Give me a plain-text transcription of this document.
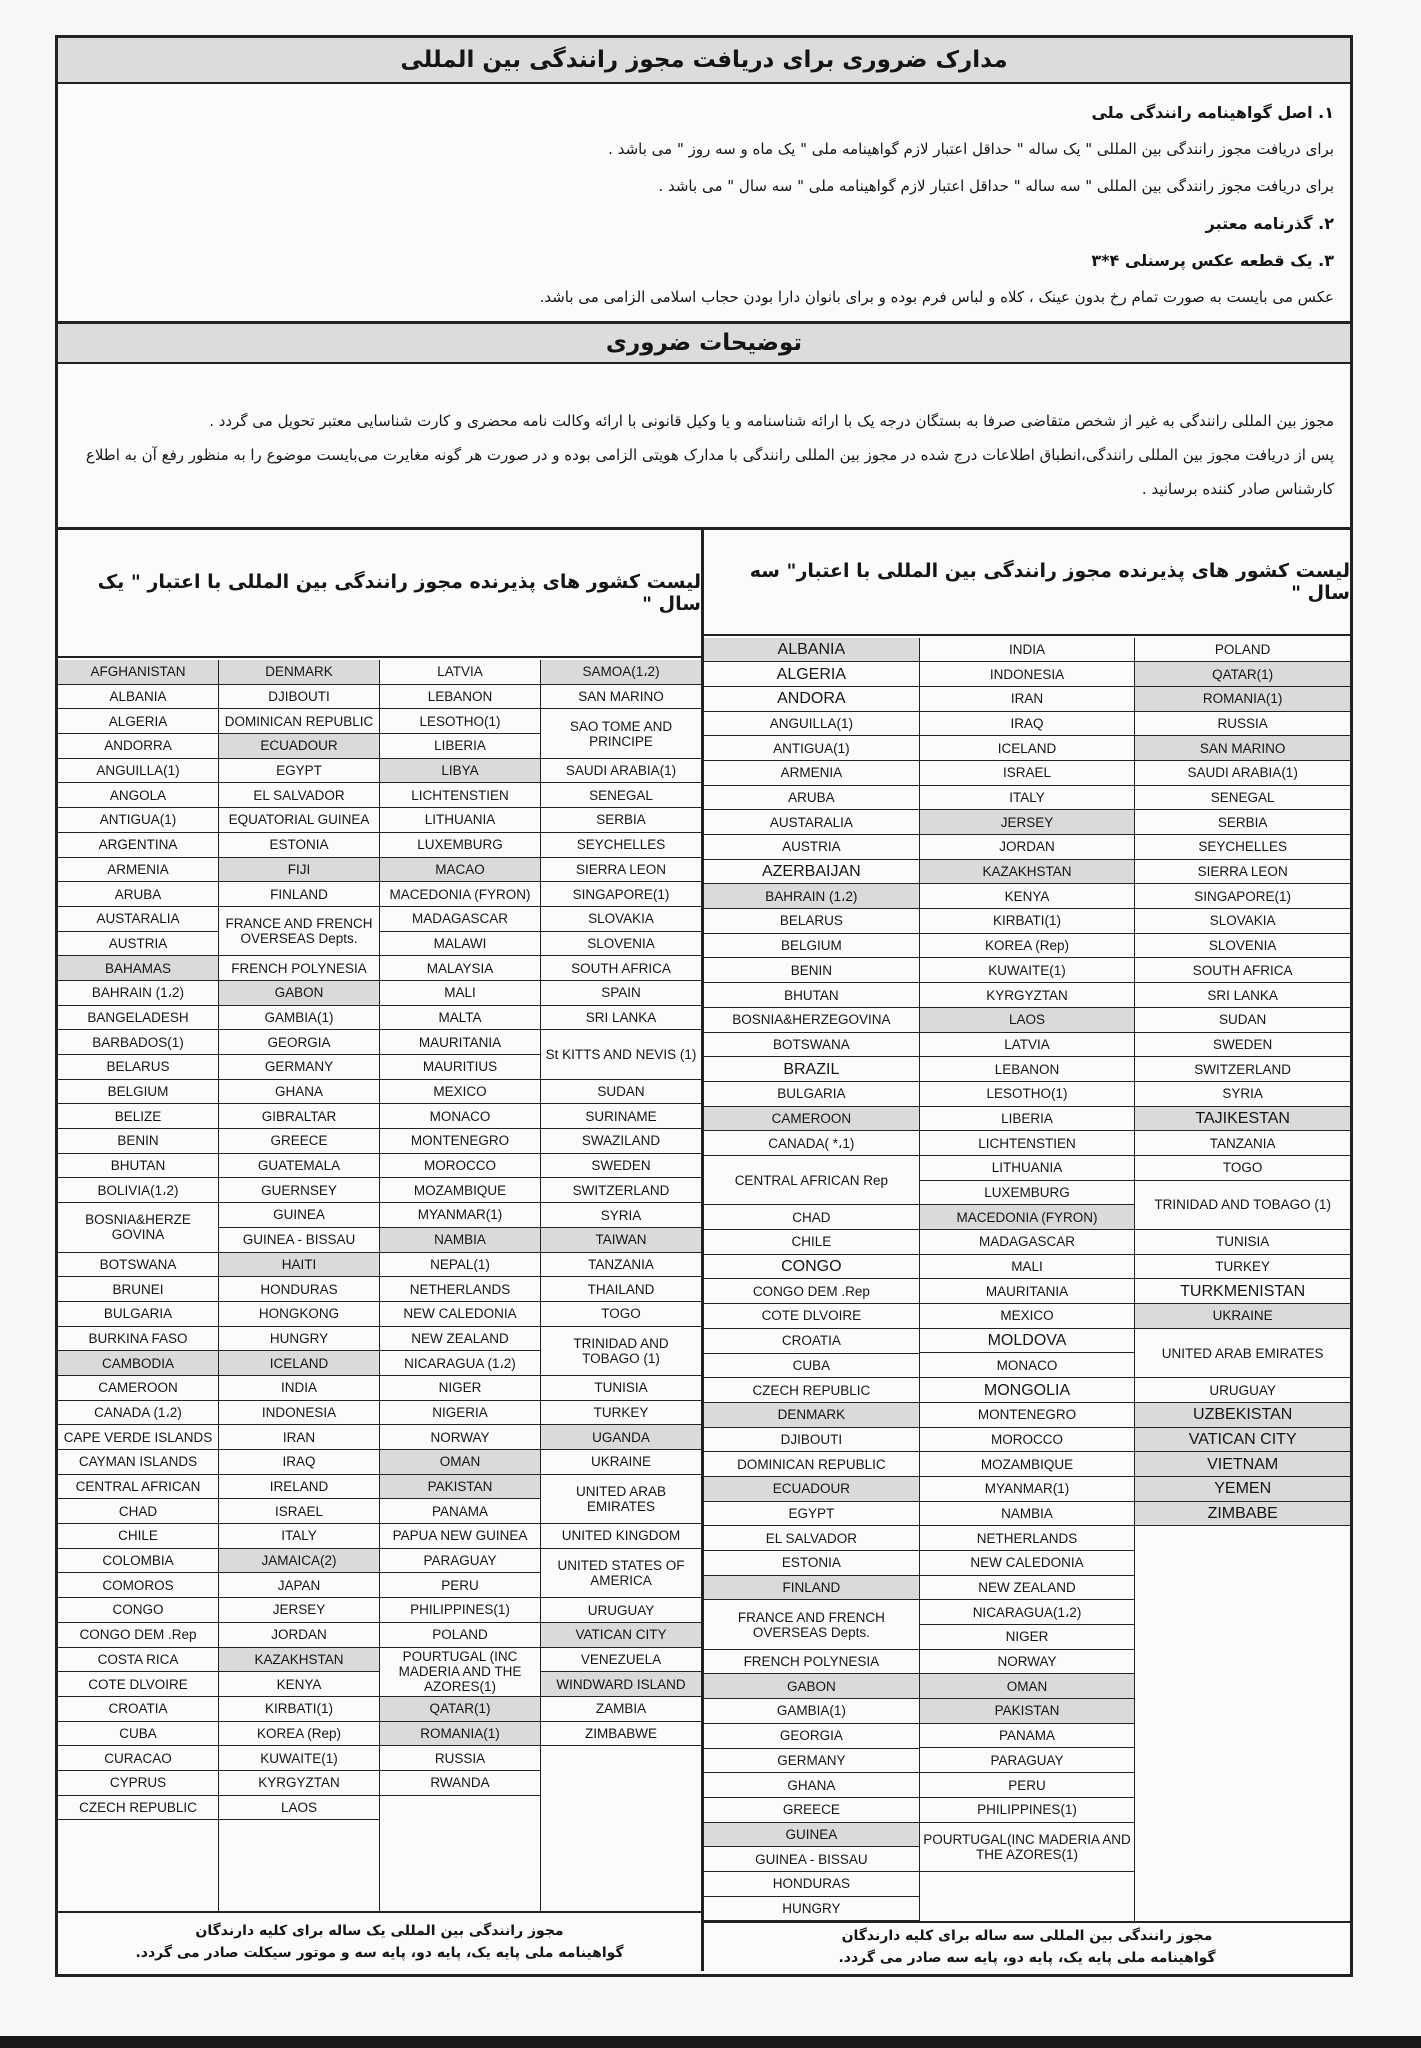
مدارک ضروری برای دریافت مجوز رانندگی بین المللی
۱. اصل گواهینامه رانندگی ملی
برای دریافت مجوز رانندگی بین المللی " یک ساله " حداقل اعتبار لازم گواهینامه ملی " یک ماه و سه روز " می باشد .
برای دریافت مجوز رانندگی بین المللی " سه ساله " حداقل اعتبار لازم گواهینامه ملی " سه سال " می باشد .
۲. گذرنامه معتبر
۳. یک قطعه عکس پرسنلی ۴*۳
عکس می بایست به صورت تمام رخ بدون عینک ، کلاه و لباس فرم بوده و برای بانوان دارا بودن حجاب اسلامی الزامی می باشد.
توضیحات ضروری
مجوز بین المللی رانندگی به غیر از شخص متقاضی صرفا به بستگان درجه یک با ارائه شناسنامه و یا وکیل قانونی با ارائه وکالت نامه محضری و کارت شناسایی معتبر تحویل می گردد .
پس از دریافت مجوز بین المللی رانندگی،انطباق اطلاعات درج شده در مجوز بین المللی رانندگی با مدارک هویتی الزامی بوده و در صورت هر گونه مغایرت می‌بایست موضوع را به منظور رفع آن به اطلاع
کارشناس صادر کننده برسانید .
لیست کشور های پذیرنده مجوز رانندگی بین المللی با اعتبار" سه سال "
ALBANIA
ALGERIA
ANDORA
ANGUILLA(1)
ANTIGUA(1)
ARMENIA
ARUBA
AUSTARALIA
AUSTRIA
AZERBAIJAN
BAHRAIN (1،2)
BELARUS
BELGIUM
BENIN
BHUTAN
BOSNIA&HERZEGOVINA
BOTSWANA
BRAZIL
BULGARIA
CAMEROON
CANADA( *،1)
CENTRAL AFRICAN Rep
CHAD
CHILE
CONGO
CONGO DEM .Rep
COTE DLVOIRE
CROATIA
CUBA
CZECH REPUBLIC
DENMARK
DJIBOUTI
DOMINICAN REPUBLIC
ECUADOUR
EGYPT
EL SALVADOR
ESTONIA
FINLAND
FRANCE AND FRENCH OVERSEAS Depts.
FRENCH POLYNESIA
GABON
GAMBIA(1)
GEORGIA
GERMANY
GHANA
GREECE
GUINEA
GUINEA - BISSAU
HONDURAS
HUNGRY
INDIA
INDONESIA
IRAN
IRAQ
ICELAND
ISRAEL
ITALY
JERSEY
JORDAN
KAZAKHSTAN
KENYA
KIRBATI(1)
KOREA (Rep)
KUWAITE(1)
KYRGYZTAN
LAOS
LATVIA
LEBANON
LESOTHO(1)
LIBERIA
LICHTENSTIEN
LITHUANIA
LUXEMBURG
MACEDONIA (FYRON)
MADAGASCAR
MALI
MAURITANIA
MEXICO
MOLDOVA
MONACO
MONGOLIA
MONTENEGRO
MOROCCO
MOZAMBIQUE
MYANMAR(1)
NAMBIA
NETHERLANDS
NEW CALEDONIA
NEW ZEALAND
NICARAGUA(1،2)
NIGER
NORWAY
OMAN
PAKISTAN
PANAMA
PARAGUAY
PERU
PHILIPPINES(1)
POURTUGAL(INC MADERIA AND THE AZORES(1)
POLAND
QATAR(1)
ROMANIA(1)
RUSSIA
SAN MARINO
SAUDI ARABIA(1)
SENEGAL
SERBIA
SEYCHELLES
SIERRA LEON
SINGAPORE(1)
SLOVAKIA
SLOVENIA
SOUTH AFRICA
SRI LANKA
SUDAN
SWEDEN
SWITZERLAND
SYRIA
TAJIKESTAN
TANZANIA
TOGO
TRINIDAD AND TOBAGO (1)
TUNISIA
TURKEY
TURKMENISTAN
UKRAINE
UNITED ARAB EMIRATES
URUGUAY
UZBEKISTAN
VATICAN CITY
VIETNAM
YEMEN
ZIMBABE
مجوز رانندگی بین المللی سه ساله برای کلیه دارندگان
گواهینامه ملی پایه یک، پایه دو، پایه سه صادر می گردد.
لیست کشور های پذیرنده مجوز رانندگی بین المللی با اعتبار " یک سال "
AFGHANISTAN
ALBANIA
ALGERIA
ANDORRA
ANGUILLA(1)
ANGOLA
ANTIGUA(1)
ARGENTINA
ARMENIA
ARUBA
AUSTARALIA
AUSTRIA
BAHAMAS
BAHRAIN (1،2)
BANGELADESH
BARBADOS(1)
BELARUS
BELGIUM
BELIZE
BENIN
BHUTAN
BOLIVIA(1،2)
BOSNIA&HERZE GOVINA
BOTSWANA
BRUNEI
BULGARIA
BURKINA FASO
CAMBODIA
CAMEROON
CANADA (1،2)
CAPE VERDE ISLANDS
CAYMAN ISLANDS
CENTRAL AFRICAN
CHAD
CHILE
COLOMBIA
COMOROS
CONGO
CONGO DEM .Rep
COSTA RICA
COTE DLVOIRE
CROATIA
CUBA
CURACAO
CYPRUS
CZECH REPUBLIC
DENMARK
DJIBOUTI
DOMINICAN REPUBLIC
ECUADOUR
EGYPT
EL SALVADOR
EQUATORIAL GUINEA
ESTONIA
FIJI
FINLAND
FRANCE AND FRENCH OVERSEAS Depts.
FRENCH POLYNESIA
GABON
GAMBIA(1)
GEORGIA
GERMANY
GHANA
GIBRALTAR
GREECE
GUATEMALA
GUERNSEY
GUINEA
GUINEA - BISSAU
HAITI
HONDURAS
HONGKONG
HUNGRY
ICELAND
INDIA
INDONESIA
IRAN
IRAQ
IRELAND
ISRAEL
ITALY
JAMAICA(2)
JAPAN
JERSEY
JORDAN
KAZAKHSTAN
KENYA
KIRBATI(1)
KOREA (Rep)
KUWAITE(1)
KYRGYZTAN
LAOS
LATVIA
LEBANON
LESOTHO(1)
LIBERIA
LIBYA
LICHTENSTIEN
LITHUANIA
LUXEMBURG
MACAO
MACEDONIA (FYRON)
MADAGASCAR
MALAWI
MALAYSIA
MALI
MALTA
MAURITANIA
MAURITIUS
MEXICO
MONACO
MONTENEGRO
MOROCCO
MOZAMBIQUE
MYANMAR(1)
NAMBIA
NEPAL(1)
NETHERLANDS
NEW CALEDONIA
NEW ZEALAND
NICARAGUA (1،2)
NIGER
NIGERIA
NORWAY
OMAN
PAKISTAN
PANAMA
PAPUA NEW GUINEA
PARAGUAY
PERU
PHILIPPINES(1)
POLAND
POURTUGAL (INC MADERIA AND THE AZORES(1)
QATAR(1)
ROMANIA(1)
RUSSIA
RWANDA
SAMOA(1،2)
SAN MARINO
SAO TOME AND PRINCIPE
SAUDI ARABIA(1)
SENEGAL
SERBIA
SEYCHELLES
SIERRA LEON
SINGAPORE(1)
SLOVAKIA
SLOVENIA
SOUTH AFRICA
SPAIN
SRI LANKA
St KITTS AND NEVIS (1)
SUDAN
SURINAME
SWAZILAND
SWEDEN
SWITZERLAND
SYRIA
TAIWAN
TANZANIA
THAILAND
TOGO
TRINIDAD AND TOBAGO (1)
TUNISIA
TURKEY
UGANDA
UKRAINE
UNITED ARAB EMIRATES
UNITED KINGDOM
UNITED STATES OF AMERICA
URUGUAY
VATICAN CITY
VENEZUELA
WINDWARD ISLAND
ZAMBIA
ZIMBABWE
مجوز رانندگی بین المللی یک ساله برای کلیه دارندگان
گواهینامه ملی پایه یک، پایه دو، پایه سه و موتور سیکلت صادر می گردد.
